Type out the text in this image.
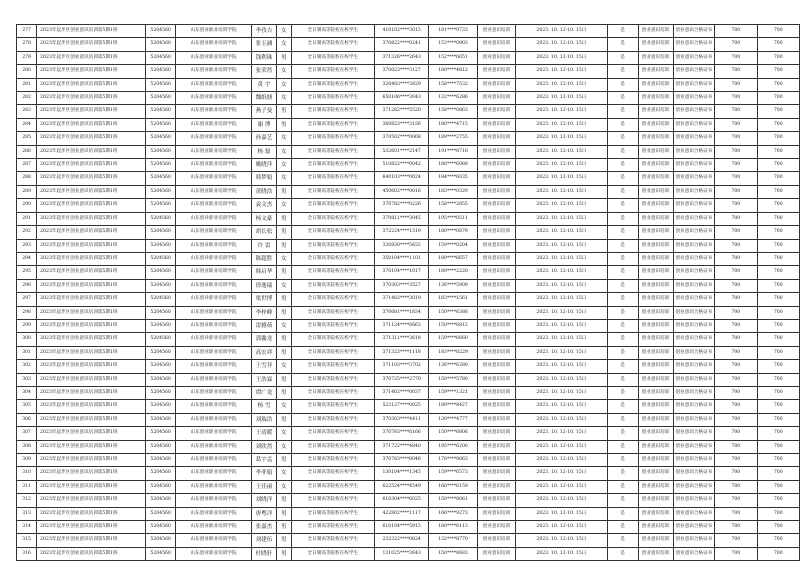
277	2023年起步区创业意识培训第5期1班	5204560	山东创业职业培训学院	李孜吉	女	全日制高等院校在校学生	410102****3015	181****9733	创业意识培训	2023. 10. 12-10. 15日	是	创业意识培训	创业意识合格证书	700	700
278	2023年起步区创业意识培训第5期1班	5204560	山东创业职业培训学院	张玉涵	女	全日制高等院校在校学生	370822****0241	153****0903	创业意识培训	2023. 10. 12-10. 15日	是	创业意识培训	创业意识合格证书	700	700
279	2023年起步区创业意识培训第5期1班	5204560	山东创业职业培训学院	钱利珠	男	全日制高等院校在校学生	371326****2643	152****6651	创业意识培训	2023. 10. 12-10. 15日	是	创业意识培训	创业意识合格证书	700	700
280	2023年起步区创业意识培训第5期1班	5204560	山东创业职业培训学院	张荣然	女	全日制高等院校在校学生	370023****3127	180****4812	创业意识培训	2023. 10. 12-10. 15日	是	创业意识培训	创业意识合格证书	700	700
281	2023年起步区创业意识培训第5期1班	5204560	山东创业职业培训学院	黄 宇	女	全日制高等院校在校学生	320483****3829	158****7532	创业意识培训	2023. 10. 12-10. 15日	是	创业意识培训	创业意识合格证书	700	700
282	2023年起步区创业意识培训第5期1班	5204560	山东创业职业培训学院	魏纸塘	女	全日制高等院校在校学生	650106****3043	132****6286	创业意识培训	2023. 10. 12-10. 15日	是	创业意识培训	创业意识合格证书	700	700
283	2023年起步区创业意识培训第5期1班	5204560	山东创业职业培训学院	燕子曼	男	全日制高等院校在校学生	371282****5520	158****0863	创业意识培训	2023. 10. 12-10. 15日	是	创业意识培训	创业意识合格证书	700	700
284	2023年起步区创业意识培训第5期1班	5204560	山东创业职业培训学院	谢 博	男	全日制高等院校在校学生	360823****3156	180****4715	创业意识培训	2023. 10. 12-10. 15日	是	创业意识培训	创业意识合格证书	700	700
285	2023年起步区创业意识培训第5期1班	5204560	山东创业职业培训学院	孙嘉艺	女	全日制高等院校在校学生	370502****0068	189****2755	创业意识培训	2023. 10. 12-10. 15日	是	创业意识培训	创业意识合格证书	700	700
286	2023年起步区创业意识培训第5期1班	5204560	山东创业职业培训学院	杨 磊	女	全日制高等院校在校学生	532601****2147	191****8716	创业意识培训	2023. 10. 12-10. 15日	是	创业意识培训	创业意识合格证书	700	700
287	2023年起步区创业意识培训第5期1班	5204560	山东创业职业培训学院	姚晓萍	女	全日制高等院校在校学生	510822****0042	188****6088	创业意识培训	2023. 10. 12-10. 15日	是	创业意识培训	创业意识合格证书	700	700
288	2023年起步区创业意识培训第5期1班	5204560	山东创业职业培训学院	韩梦娟	女	全日制高等院校在校学生	640103****0024	184****6035	创业意识培训	2023. 10. 12-10. 15日	是	创业意识培训	创业意识合格证书	700	700
289	2023年起步区创业意识培训第5期1班	5204560	山东创业职业培训学院	黄晓浩	男	全日制高等院校在校学生	450602****0016	183****0329	创业意识培训	2023. 10. 12-10. 15日	是	创业意识培训	创业意识合格证书	700	700
290	2023年起步区创业意识培训第5期1班	5204560	山东创业职业培训学院	袁文杰	女	全日制高等院校在校学生	370782****0226	158****2855	创业意识培训	2023. 10. 12-10. 15日	是	创业意识培训	创业意识合格证书	700	700
291	2023年起步区创业意识培训第5期1班	5204560	山东创业职业培训学院	杨文豪	男	全日制高等院校在校学生	370811****3045	195****0511	创业意识培训	2023. 10. 12-10. 15日	是	创业意识培训	创业意识合格证书	700	700
292	2023年起步区创业意识培训第5期1班	5204560	山东创业职业培训学院	胡长松	男	全日制高等院校在校学生	372224****1519	180****0879	创业意识培训	2023. 10. 12-10. 15日	是	创业意识培训	创业意识合格证书	700	700
293	2023年起步区创业意识培训第5期1班	5204560	山东创业职业培训学院	许 雷	男	全日制高等院校在校学生	320830****5632	159****0204	创业意识培训	2023. 10. 12-10. 15日	是	创业意识培训	创业意识合格证书	700	700
294	2023年起步区创业意识培训第5期1班	5204560	山东创业职业培训学院	陈超胜	女	全日制高等院校在校学生	350104****1101	189****6657	创业意识培训	2023. 10. 12-10. 15日	是	创业意识培训	创业意识合格证书	700	700
295	2023年起步区创业意识培训第5期1班	5204560	山东创业职业培训学院	韩启华	男	全日制高等院校在校学生	370104****1017	189****2220	创业意识培训	2023. 10. 12-10. 15日	是	创业意识培训	创业意识合格证书	700	700
296	2023年起步区创业意识培训第5期1班	5204560	山东创业职业培训学院	徐逸瑞	女	全日制高等院校在校学生	370303****3527	136****5909	创业意识培训	2023. 10. 12-10. 15日	是	创业意识培训	创业意识合格证书	700	700
297	2023年起步区创业意识培训第5期1班	5204560	山东创业职业培训学院	梁世博	男	全日制高等院校在校学生	371482****3019	183****1561	创业意识培训	2023. 10. 12-10. 15日	是	创业意识培训	创业意识合格证书	700	700
298	2023年起步区创业意识培训第5期1班	5204560	山东创业职业培训学院	李梓峰	男	全日制高等院校在校学生	370681****1834	150****6386	创业意识培训	2023. 10. 12-10. 15日	是	创业意识培训	创业意识合格证书	700	700
299	2023年起步区创业意识培训第5期1班	5204560	山东创业职业培训学院	雷雅茹	女	全日制高等院校在校学生	371124****6663	150****6812	创业意识培训	2023. 10. 12-10. 15日	是	创业意识培训	创业意识合格证书	700	700
300	2023年起步区创业意识培训第5期1班	5204560	山东创业职业培训学院	郭鑫龙	男	全日制高等院校在校学生	371311****3618	159****6660	创业意识培训	2023. 10. 12-10. 15日	是	创业意识培训	创业意识合格证书	700	700
301	2023年起步区创业意识培训第5期1班	5204560	山东创业职业培训学院	高宏祥	男	全日制高等院校在校学生	371323****1118	183****8229	创业意识培训	2023. 10. 12-10. 15日	是	创业意识培训	创业意识合格证书	700	700
302	2023年起步区创业意识培训第5期1班	5204560	山东创业职业培训学院	王雪菲	女	全日制高等院校在校学生	371103****3702	136****6280	创业意识培训	2023. 10. 12-10. 15日	是	创业意识培训	创业意识合格证书	700	700
303	2023年起步区创业意识培训第5期1班	5204560	山东创业职业培训学院	王浩霖	男	全日制高等院校在校学生	370725****2770	150****5780	创业意识培训	2023. 10. 12-10. 15日	是	创业意识培训	创业意识合格证书	700	700
304	2023年起步区创业意识培训第5期1班	5204560	山东创业职业培训学院	谭广龙	男	全日制高等院校在校学生	371402****0037	159****1321	创业意识培训	2023. 10. 12-10. 15日	是	创业意识培训	创业意识合格证书	700	700
305	2023年起步区创业意识培训第5期1班	5204560	山东创业职业培训学院	杨 雪	女	全日制高等院校在校学生	522127****0025	189****8427	创业意识培训	2023. 10. 12-10. 15日	是	创业意识培训	创业意识合格证书	700	700
306	2023年起步区创业意识培训第5期1班	5204560	山东创业职业培训学院	刘瑞浩	男	全日制高等院校在校学生	370303****4411	130****4777	创业意识培训	2023. 10. 12-10. 15日	是	创业意识培训	创业意识合格证书	700	700
307	2023年起步区创业意识培训第5期1班	5204560	山东创业职业培训学院	王靖暖	女	全日制高等院校在校学生	370783****6166	150****6806	创业意识培训	2023. 10. 12-10. 15日	是	创业意识培训	创业意识合格证书	700	700
308	2023年起步区创业意识培训第5期1班	5204560	山东创业职业培训学院	刘欣然	女	全日制高等院校在校学生	371722****4840	195****6200	创业意识培训	2023. 10. 12-10. 15日	是	创业意识培训	创业意识合格证书	700	700
309	2023年起步区创业意识培训第5期1班	5204560	山东创业职业培训学院	葛宇孟	男	全日制高等院校在校学生	370783****8046	178****9063	创业意识培训	2023. 10. 12-10. 15日	是	创业意识培训	创业意识合格证书	700	700
310	2023年起步区创业意识培训第5期1班	5204560	山东创业职业培训学院	李菲娟	女	全日制高等院校在校学生	130104****1345	159****6573	创业意识培训	2023. 10. 12-10. 15日	是	创业意识培训	创业意识合格证书	700	700
311	2023年起步区创业意识培训第5期1班	5204560	山东创业职业培训学院	王佳丽	女	全日制高等院校在校学生	622524****4549	166****6159	创业意识培训	2023. 10. 12-10. 15日	是	创业意识培训	创业意识合格证书	700	700
312	2023年起步区创业意识培训第5期1班	5204560	山东创业职业培训学院	刘晓洋	男	全日制高等院校在校学生	610304****6025	150****8061	创业意识培训	2023. 10. 12-10. 15日	是	创业意识培训	创业意识合格证书	700	700
313	2023年起步区创业意识培训第5期1班	5204560	山东创业职业培训学院	唐粤洋	男	全日制高等院校在校学生	422802****1117	166****9273	创业意识培训	2023. 10. 12-10. 15日	是	创业意识培训	创业意识合格证书	700	700
314	2023年起步区创业意识培训第5期1班	5204560	山东创业职业培训学院	张嘉杰	男	全日制高等院校在校学生	610104****5915	180****6113	创业意识培训	2023. 10. 12-10. 15日	是	创业意识培训	创业意识合格证书	700	700
315	2023年起步区创业意识培训第5期1班	5204560	山东创业职业培训学院	刘建伍	男	全日制高等院校在校学生	232322****0824	132****8770	创业意识培训	2023. 10. 12-10. 15日	是	创业意识培训	创业意识合格证书	700	700
316	2023年起步区创业意识培训第5期1班	5204560	山东创业职业培训学院	杜晓轩	男	全日制高等院校在校学生	131025****3643	150****8683	创业意识培训	2023. 10. 12-10. 15日	是	创业意识培训	创业意识合格证书	700	700
